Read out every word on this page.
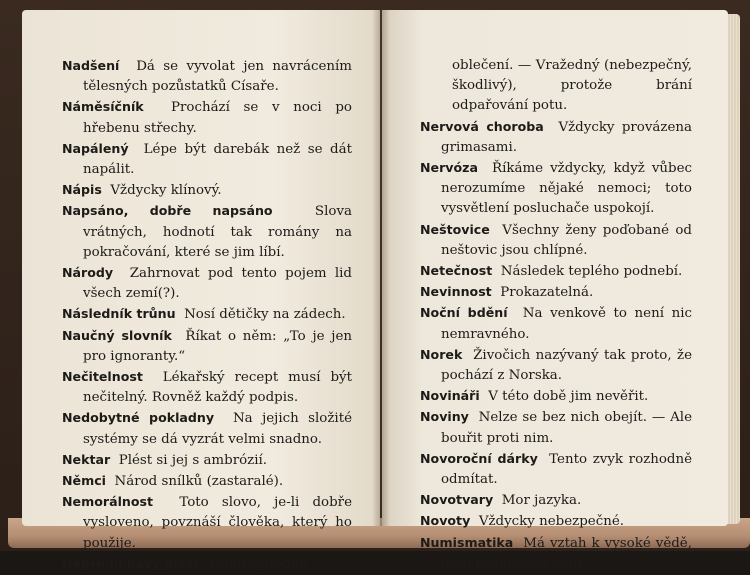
Nadšení Dá se vyvolat jen navrácením tělesných pozůstatků Císaře.

Náměsíčník Prochází se v noci po hřebenu střechy.

Napálený Lépe být darebák než se dát napálit.

Nápis Vždycky klínový.

Napsáno, dobře napsáno	Slova vrátných, hodnotí tak romány na pokračování, které se jim líbí.

Národy Zahrnovat pod tento pojem lid všech zemí(?).

Následník trůnu Nosí dětičky na zádech.

Naučný slovník Říkat o něm: „To je jen pro ignoranty.“

Nečitelnost Lékařský recept musí být nečitelný. Rovněž každý podpis.

Nedobytné pokladny Na jejich složité systémy se dá vyzrát velmi snadno.

Nektar Plést si jej s ambrózií.

Němci Národ snílků (zastaralé).

Nemorálnost Toto slovo, je-li dobře vysloveno, povznáší člověka, který ho použije.

Nepromokavý plášť Velmi výhodné

oblečení. — Vražedný (nebezpečný, škodlivý), protože brání odpařování potu.

Nervová choroba Vždycky provázena grimasami.

Nervóza Říkáme vždycky, když vůbec nerozumíme nějaké nemoci; toto vysvětlení posluchače uspokojí.

Neštovice Všechny ženy poďobané od neštovic jsou chlípné.

Netečnost Následek teplého podnebí.

Nevinnost Prokazatelná.

Noční bdění Na venkově to není nic nemravného.

Norek Živočich nazývaný tak proto, že pochází z Norska.

Novináři V této době jim nevěřit.

Noviny Nelze se bez nich obejít. — Ale bouřit proti nim.

Novoroční dárky Tento zvyk rozhodně odmítat.

Novotvary Mor jazyka.

Novoty Vždycky nebezpečné.

Numismatika Má vztah k vysoké vědě, budí nesmírnou úctu.
